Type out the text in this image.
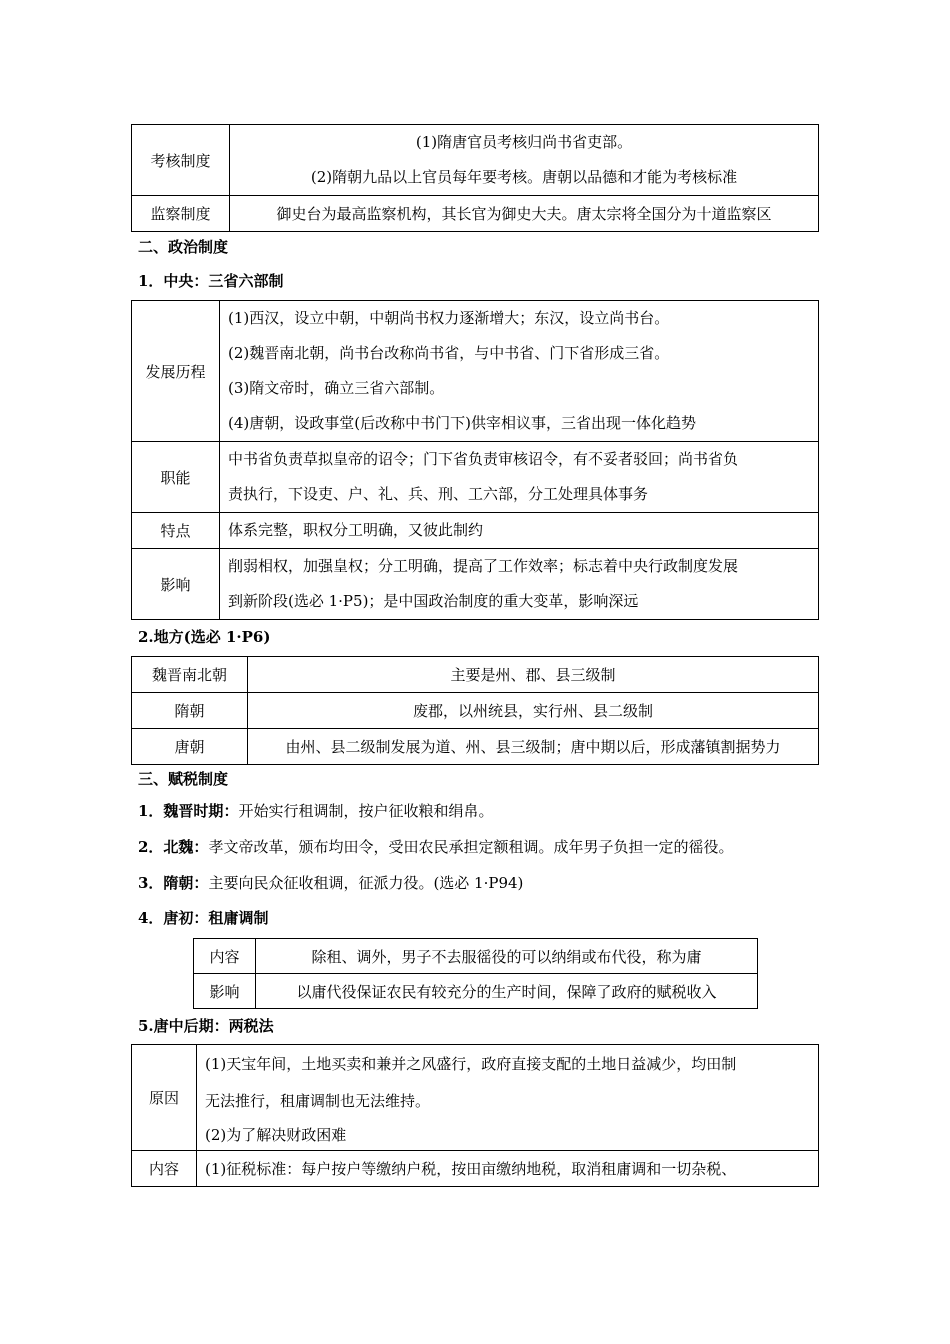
考核制度	(1)隋唐官员考核归尚书省吏部。
(2)隋朝九品以上官员每年要考核。唐朝以品德和才能为考核标准

监察制度	御史台为最高监察机构，其长官为御史大夫。唐太宗将全国分为十道监察区
二、政治制度
1．中央：三省六部制
发展历程	(1)西汉，设立中朝，中朝尚书权力逐渐增大；东汉，设立尚书台。
(2)魏晋南北朝，尚书台改称尚书省，与中书省、门下省形成三省。
(3)隋文帝时，确立三省六部制。
(4)唐朝，设政事堂(后改称中书门下)供宰相议事，三省出现一体化趋势

职能	中书省负责草拟皇帝的诏令；门下省负责审核诏令，有不妥者驳回；尚书省负
责执行，下设吏、户、礼、兵、刑、工六部，分工处理具体事务

特点	体系完整，职权分工明确，又彼此制约

影响	削弱相权，加强皇权；分工明确，提高了工作效率；标志着中央行政制度发展
到新阶段(选必 1·P5)；是中国政治制度的重大变革，影响深远
2.地方(选必 1·P6)
魏晋南北朝	主要是州、郡、县三级制
隋朝	废郡，以州统县，实行州、县二级制
唐朝	由州、县二级制发展为道、州、县三级制；唐中期以后，形成藩镇割据势力
三、赋税制度
1．魏晋时期：开始实行租调制，按户征收粮和绢帛。
2．北魏：孝文帝改革，颁布均田令，受田农民承担定额租调。成年男子负担一定的徭役。
3．隋朝：主要向民众征收租调，征派力役。(选必 1·P94)
4．唐初：租庸调制
内容	除租、调外，男子不去服徭役的可以纳绢或布代役，称为庸
影响	以庸代役保证农民有较充分的生产时间，保障了政府的赋税收入
5.唐中后期：两税法
原因	(1)天宝年间，土地买卖和兼并之风盛行，政府直接支配的土地日益减少，均田制
无法推行，租庸调制也无法维持。
(2)为了解决财政困难

内容	(1)征税标准：每户按户等缴纳户税，按田亩缴纳地税，取消租庸调和一切杂税、
